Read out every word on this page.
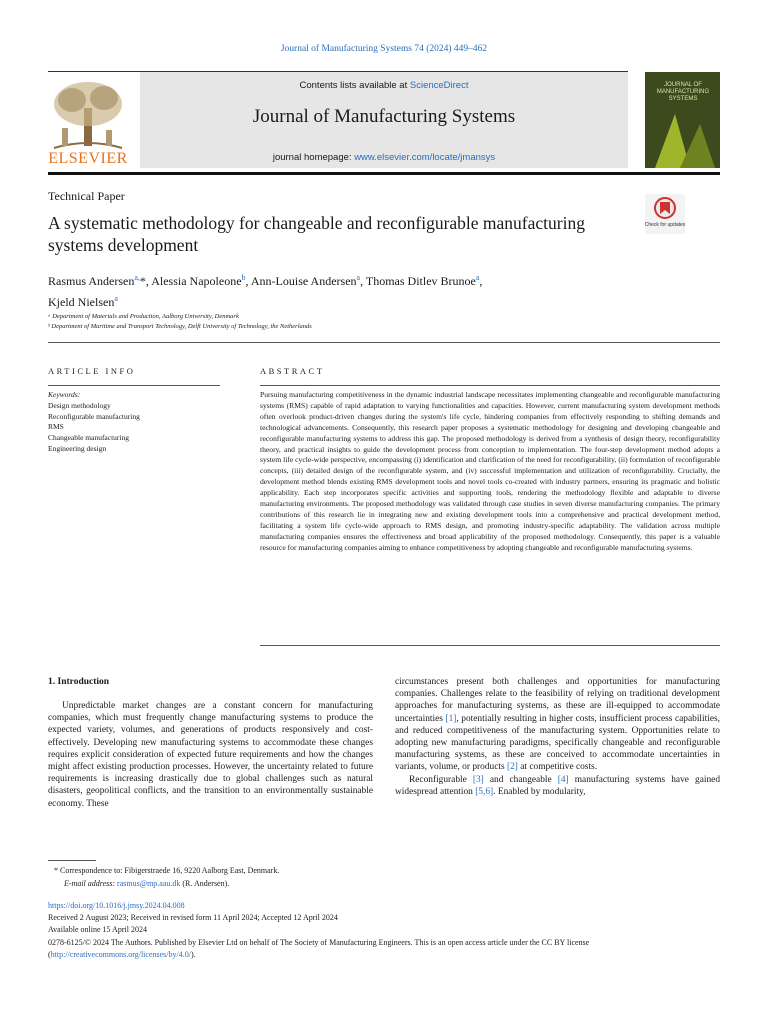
Journal of Manufacturing Systems 74 (2024) 449–462
ELSEVIER
Contents lists available at ScienceDirect
Journal of Manufacturing Systems
journal homepage: www.elsevier.com/locate/jmansys
JOURNAL OF MANUFACTURING SYSTEMS
Technical Paper
A systematic methodology for changeable and reconfigurable manufacturing systems development
Check for updates
Rasmus Andersen$^{a,}$*, Alessia Napoleone$^b$, Ann-Louise Andersen$^a$, Thomas Ditlev Brunoe$^a$,
Kjeld Nielsen$^a$
ᵃ Department of Materials and Production, Aalborg University, Denmark
ᵇ Department of Maritime and Transport Technology, Delft University of Technology, the Netherlands
ARTICLE INFO	ABSTRACT
Keywords:
Design methodology
Reconfigurable manufacturing
RMS
Changeable manufacturing
Engineering design
Pursuing manufacturing competitiveness in the dynamic industrial landscape necessitates implementing changeable and reconfigurable manufacturing systems (RMS) capable of rapid adaptation to varying functionalities and capacities. However, current manufacturing system development methods often overlook product-driven changes during the system's life cycle, hindering companies from effectively responding to shifting demands and technological advancements. Consequently, this research paper proposes a systematic methodology for designing and developing changeable and reconfigurable manufacturing systems to address this gap. The proposed methodology is derived from a synthesis of design theory, reconfigurability theory, and practical insights to guide the development process from conception to implementation. The four-step development method adopts a system life cycle-wide perspective, encompassing (i) identification and clarification of the need for reconfigurability, (ii) formulation of reconfigurable concepts, (iii) detailed design of the reconfigurable system, and (iv) successful implementation and utilization of reconfigurability. Crucially, the development method blends existing RMS development tools and novel tools co-created with industry partners, ensuring its pragmatic and holistic applicability. Each step incorporates specific activities and supporting tools, rendering the methodology flexible and adaptable to diverse manufacturing environments. The proposed methodology was validated through case studies in seven diverse manufacturing companies. The primary contributions of this research lie in integrating new and existing development tools into a comprehensive and practical development method, facilitating a system life cycle-wide approach to RMS design, and promoting industry-specific adaptability. The validation across multiple manufacturing companies ensures the effectiveness and broad applicability of the proposed methodology. Consequently, this paper is a valuable resource for manufacturing companies aiming to enhance competitiveness by adopting changeable and reconfigurable manufacturing systems.
1. Introduction

Unpredictable market changes are a constant concern for manufacturing companies, which must frequently change manufacturing systems to produce the expected variety, volumes, and generations of products responsively and cost-effectively. Developing new manufacturing systems to accommodate these changes requires explicit consideration of expected future requirements and how the changes might affect existing production processes. However, the uncertainty related to future requirements is increasing drastically due to global challenges such as natural disasters, geopolitical conflicts, and the transition to an environmentally sustainable economy. These

circumstances present both challenges and opportunities for manufacturing companies. Challenges relate to the feasibility of relying on traditional development approaches for manufacturing systems, as these are ill-equipped to accommodate uncertainties [1], potentially resulting in higher costs, insufficient process capabilities, and reduced competitiveness of the manufacturing system. Opportunities relate to adopting new manufacturing paradigms, specifically changeable and reconfigurable manufacturing systems, as these are conceived to accommodate uncertainties in variants, volume, or products [2] at competitive costs.

Reconfigurable [3] and changeable [4] manufacturing systems have gained widespread attention [5,6]. Enabled by modularity,

* Correspondence to: Fibigerstraede 16, 9220 Aalborg East, Denmark.
E-mail address: rasmus@mp.aau.dk (R. Andersen).
https://doi.org/10.1016/j.jmsy.2024.04.008
Received 2 August 2023; Received in revised form 11 April 2024; Accepted 12 April 2024
Available online 15 April 2024
0278-6125/© 2024 The Authors. Published by Elsevier Ltd on behalf of The Society of Manufacturing Engineers. This is an open access article under the CC BY license (http://creativecommons.org/licenses/by/4.0/).
